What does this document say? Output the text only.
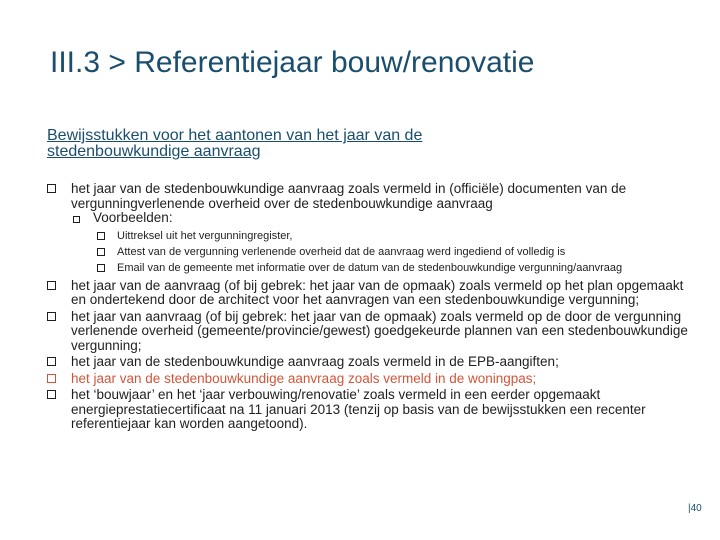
III.3 > Referentiejaar bouw/renovatie
Bewijsstukken voor het aantonen van het jaar van de stedenbouwkundige aanvraag
het jaar van de stedenbouwkundige aanvraag zoals vermeld in (officiële) documenten van de vergunningverlenende overheid over de stedenbouwkundige aanvraag
Voorbeelden:
Uittreksel uit het vergunningregister,
Attest van de vergunning verlenende overheid dat de aanvraag werd ingediend of volledig is
Email van de gemeente met informatie over de datum van de stedenbouwkundige vergunning/aanvraag
het jaar van de aanvraag (of bij gebrek: het jaar van de opmaak) zoals vermeld op het plan opgemaakt en ondertekend door de architect voor het aanvragen van een stedenbouwkundige vergunning;
het jaar van aanvraag (of bij gebrek: het jaar van de opmaak) zoals vermeld op de door de vergunning verlenende overheid (gemeente/provincie/gewest) goedgekeurde plannen van een stedenbouwkundige vergunning;
het jaar van de stedenbouwkundige aanvraag zoals vermeld in de EPB-aangiften;
het jaar van de stedenbouwkundige aanvraag zoals vermeld in de woningpas;
het ‘bouwjaar’ en het ‘jaar verbouwing/renovatie’ zoals vermeld in een eerder opgemaakt energieprestatiecertificaat na 11 januari 2013 (tenzij op basis van de bewijsstukken een recenter referentiejaar kan worden aangetoond).
|40
